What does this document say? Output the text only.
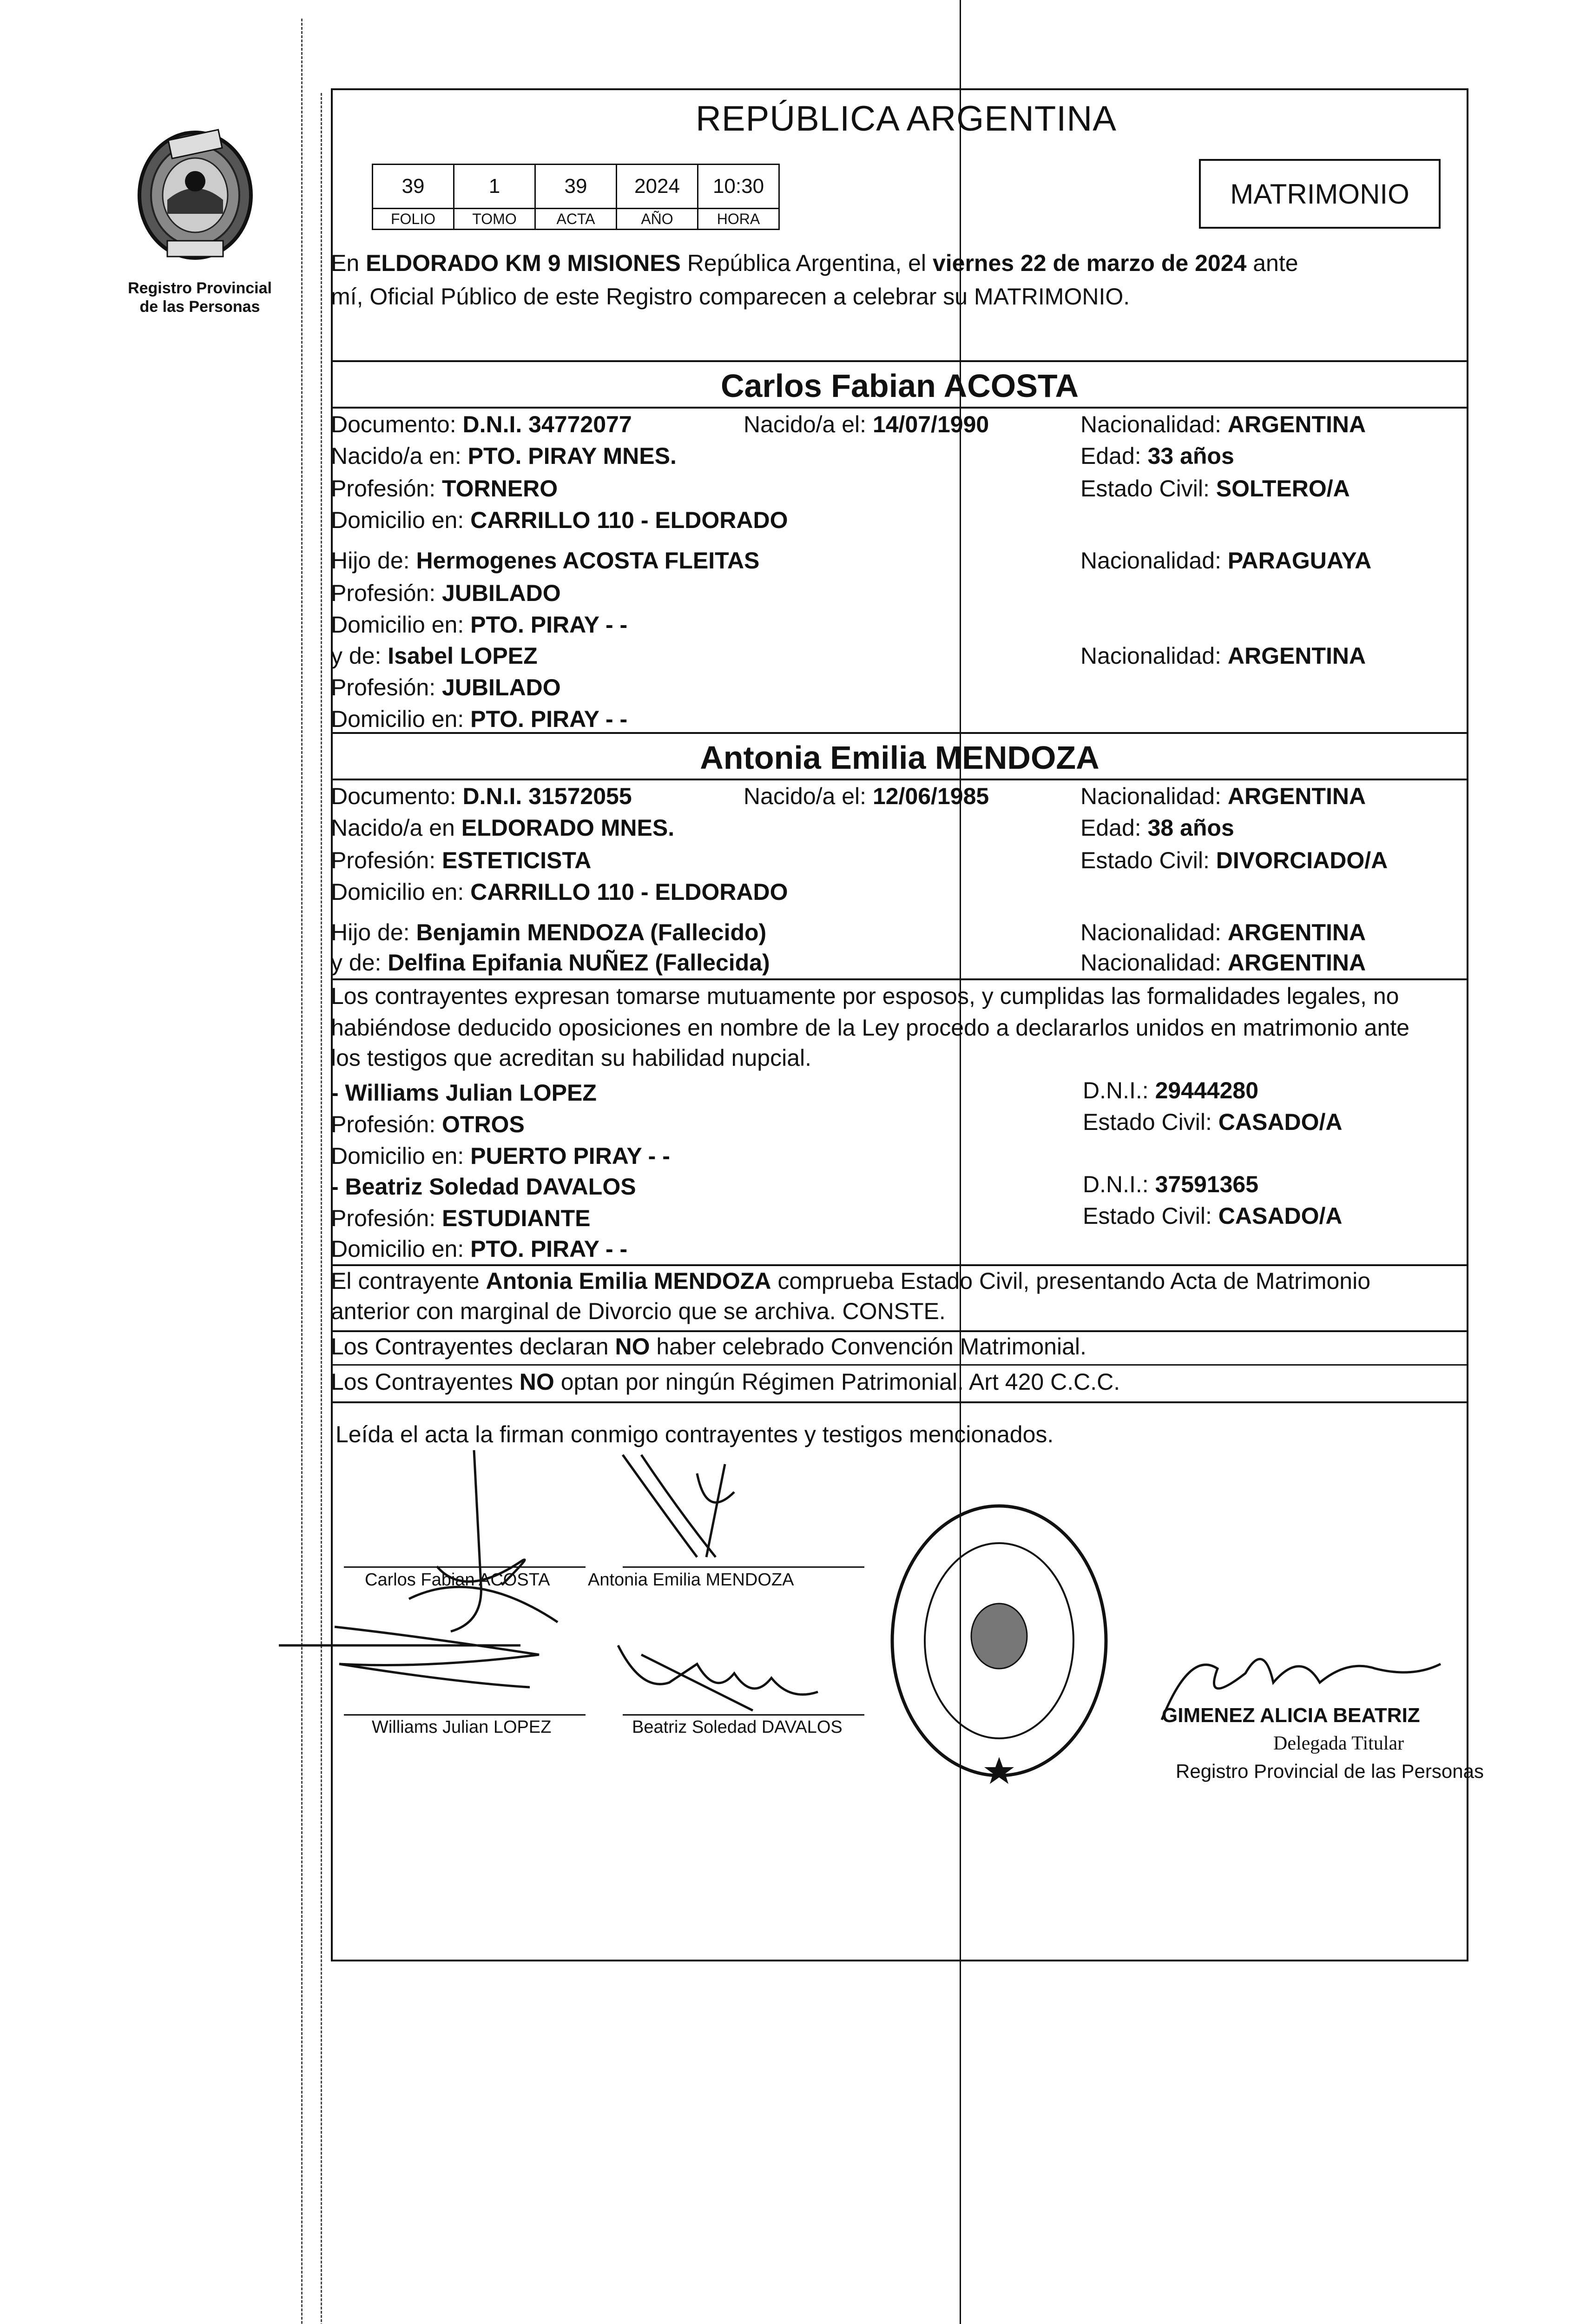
Registro Provincial
de las Personas
REPÚBLICA ARGENTINA
39	1	39	2024	10:30
FOLIO	TOMO	ACTA	AÑO	HORA
MATRIMONIO
En ELDORADO KM 9 MISIONES República Argentina, el viernes 22 de marzo de 2024 ante
mí, Oficial Público de este Registro comparecen a celebrar su MATRIMONIO.
Carlos Fabian ACOSTA
Documento: D.N.I. 34772077	Nacido/a el: 14/07/1990	Nacionalidad: ARGENTINA
Nacido/a en: PTO. PIRAY MNES.	Edad: 33 años
Profesión: TORNERO	Estado Civil: SOLTERO/A
Domicilio en: CARRILLO 110 - ELDORADO
Hijo de: Hermogenes ACOSTA FLEITAS	Nacionalidad: PARAGUAYA
Profesión: JUBILADO
Domicilio en: PTO. PIRAY - -
y de: Isabel LOPEZ	Nacionalidad: ARGENTINA
Profesión: JUBILADO
Domicilio en: PTO. PIRAY - -
Antonia Emilia MENDOZA
Documento: D.N.I. 31572055	Nacido/a el: 12/06/1985	Nacionalidad: ARGENTINA
Nacido/a en ELDORADO MNES.	Edad: 38 años
Profesión: ESTETICISTA	Estado Civil: DIVORCIADO/A
Domicilio en: CARRILLO 110 - ELDORADO
Hijo de: Benjamin MENDOZA (Fallecido)	Nacionalidad: ARGENTINA
y de: Delfina Epifania NUÑEZ (Fallecida)	Nacionalidad: ARGENTINA
Los contrayentes expresan tomarse mutuamente por esposos, y cumplidas las formalidades legales, no
habiéndose deducido oposiciones en nombre de la Ley procedo a declararlos unidos en matrimonio ante
los testigos que acreditan su habilidad nupcial.
- Williams Julian LOPEZ	D.N.I.: 29444280
Profesión: OTROS	Estado Civil: CASADO/A
Domicilio en: PUERTO PIRAY - -
- Beatriz Soledad DAVALOS	D.N.I.: 37591365
Profesión: ESTUDIANTE	Estado Civil: CASADO/A
Domicilio en: PTO. PIRAY - -
El contrayente Antonia Emilia MENDOZA comprueba Estado Civil, presentando Acta de Matrimonio
anterior con marginal de Divorcio que se archiva. CONSTE.
Los Contrayentes declaran NO haber celebrado Convención Matrimonial.
Los Contrayentes NO optan por ningún Régimen Patrimonial. Art 420 C.C.C.
Leída el acta la firman conmigo contrayentes y testigos mencionados.
Carlos Fabian ACOSTA Antonia Emilia MENDOZA
Williams Julian LOPEZ	Beatriz Soledad DAVALOS
GIMENEZ ALICIA BEATRIZ
Delegada Titular
Registro Provincial de las Personas
